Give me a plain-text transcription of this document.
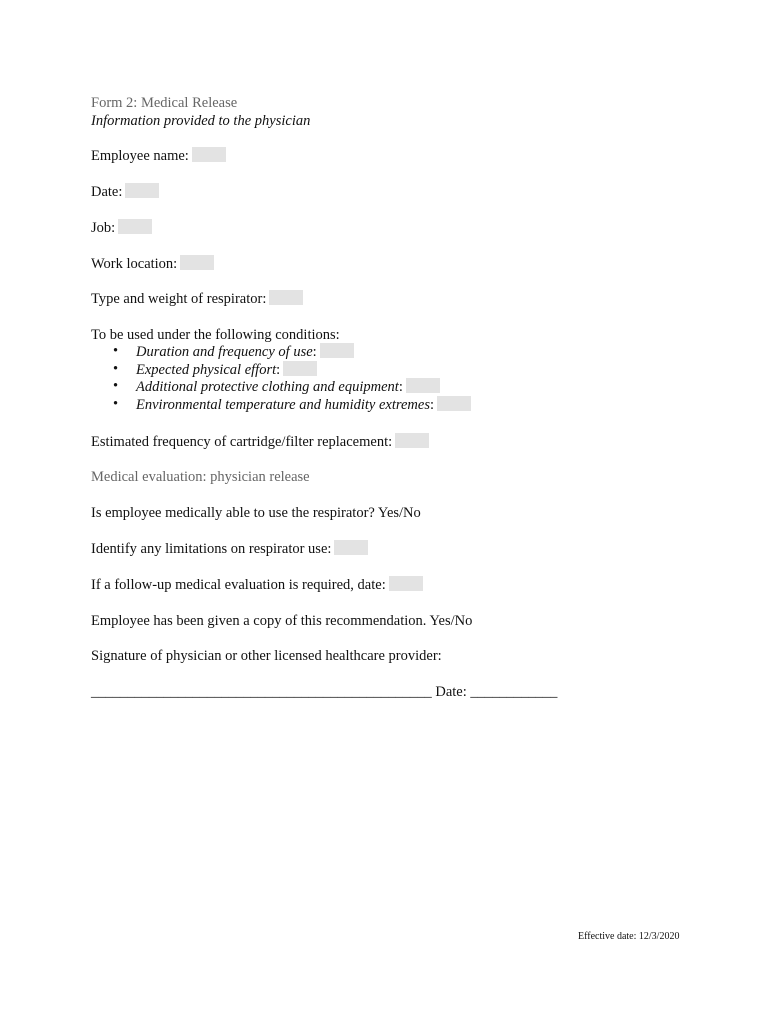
Form 2: Medical Release
Information provided to the physician
Employee name:
Date:
Job:
Work location:
Type and weight of respirator:
To be used under the following conditions:
• Duration and frequency of use:
• Expected physical effort:
• Additional protective clothing and equipment:
• Environmental temperature and humidity extremes:
Estimated frequency of cartridge/filter replacement:
Medical evaluation: physician release
Is employee medically able to use the respirator? Yes/No
Identify any limitations on respirator use:
If a follow-up medical evaluation is required, date:
Employee has been given a copy of this recommendation. Yes/No
Signature of physician or other licensed healthcare provider:
_______________________________________________ Date: ____________
Effective date: 12/3/2020
